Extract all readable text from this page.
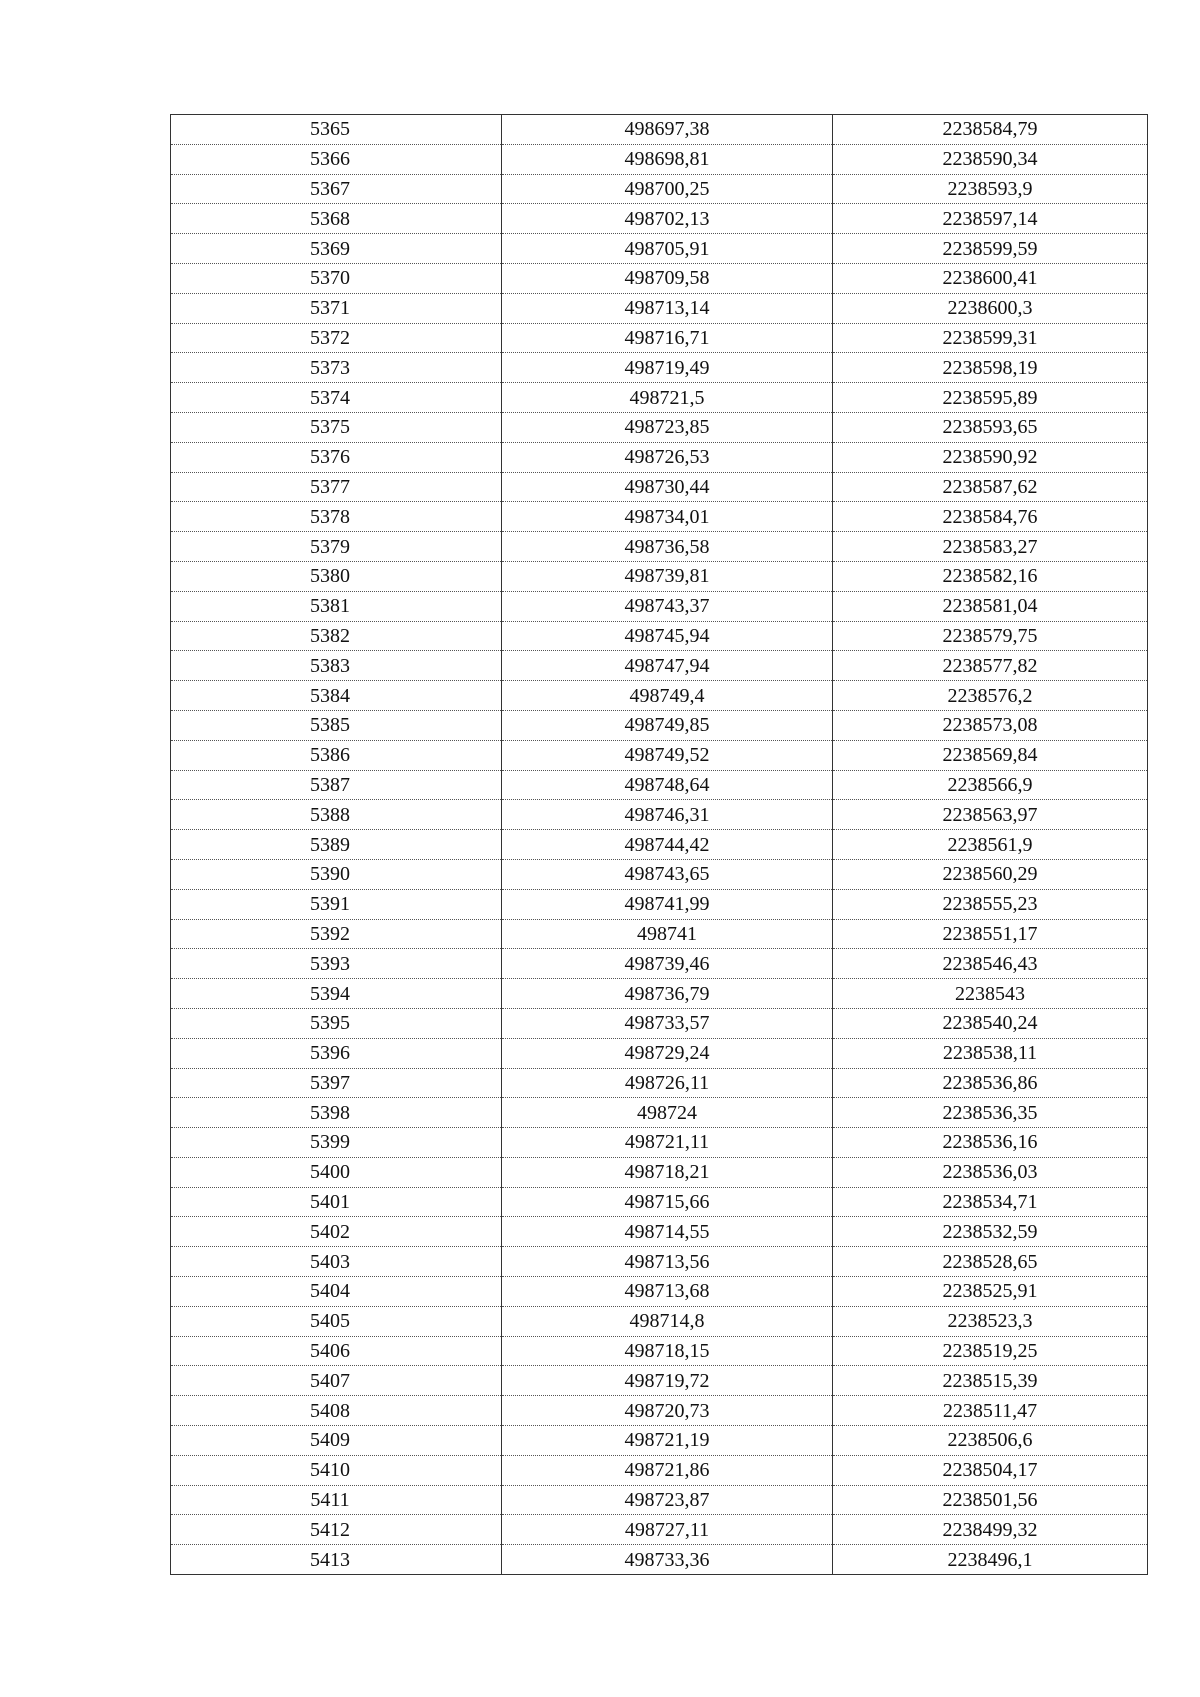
5365	498697,38	2238584,79
5366	498698,81	2238590,34
5367	498700,25	2238593,9
5368	498702,13	2238597,14
5369	498705,91	2238599,59
5370	498709,58	2238600,41
5371	498713,14	2238600,3
5372	498716,71	2238599,31
5373	498719,49	2238598,19
5374	498721,5	2238595,89
5375	498723,85	2238593,65
5376	498726,53	2238590,92
5377	498730,44	2238587,62
5378	498734,01	2238584,76
5379	498736,58	2238583,27
5380	498739,81	2238582,16
5381	498743,37	2238581,04
5382	498745,94	2238579,75
5383	498747,94	2238577,82
5384	498749,4	2238576,2
5385	498749,85	2238573,08
5386	498749,52	2238569,84
5387	498748,64	2238566,9
5388	498746,31	2238563,97
5389	498744,42	2238561,9
5390	498743,65	2238560,29
5391	498741,99	2238555,23
5392	498741	2238551,17
5393	498739,46	2238546,43
5394	498736,79	2238543
5395	498733,57	2238540,24
5396	498729,24	2238538,11
5397	498726,11	2238536,86
5398	498724	2238536,35
5399	498721,11	2238536,16
5400	498718,21	2238536,03
5401	498715,66	2238534,71
5402	498714,55	2238532,59
5403	498713,56	2238528,65
5404	498713,68	2238525,91
5405	498714,8	2238523,3
5406	498718,15	2238519,25
5407	498719,72	2238515,39
5408	498720,73	2238511,47
5409	498721,19	2238506,6
5410	498721,86	2238504,17
5411	498723,87	2238501,56
5412	498727,11	2238499,32
5413	498733,36	2238496,1
